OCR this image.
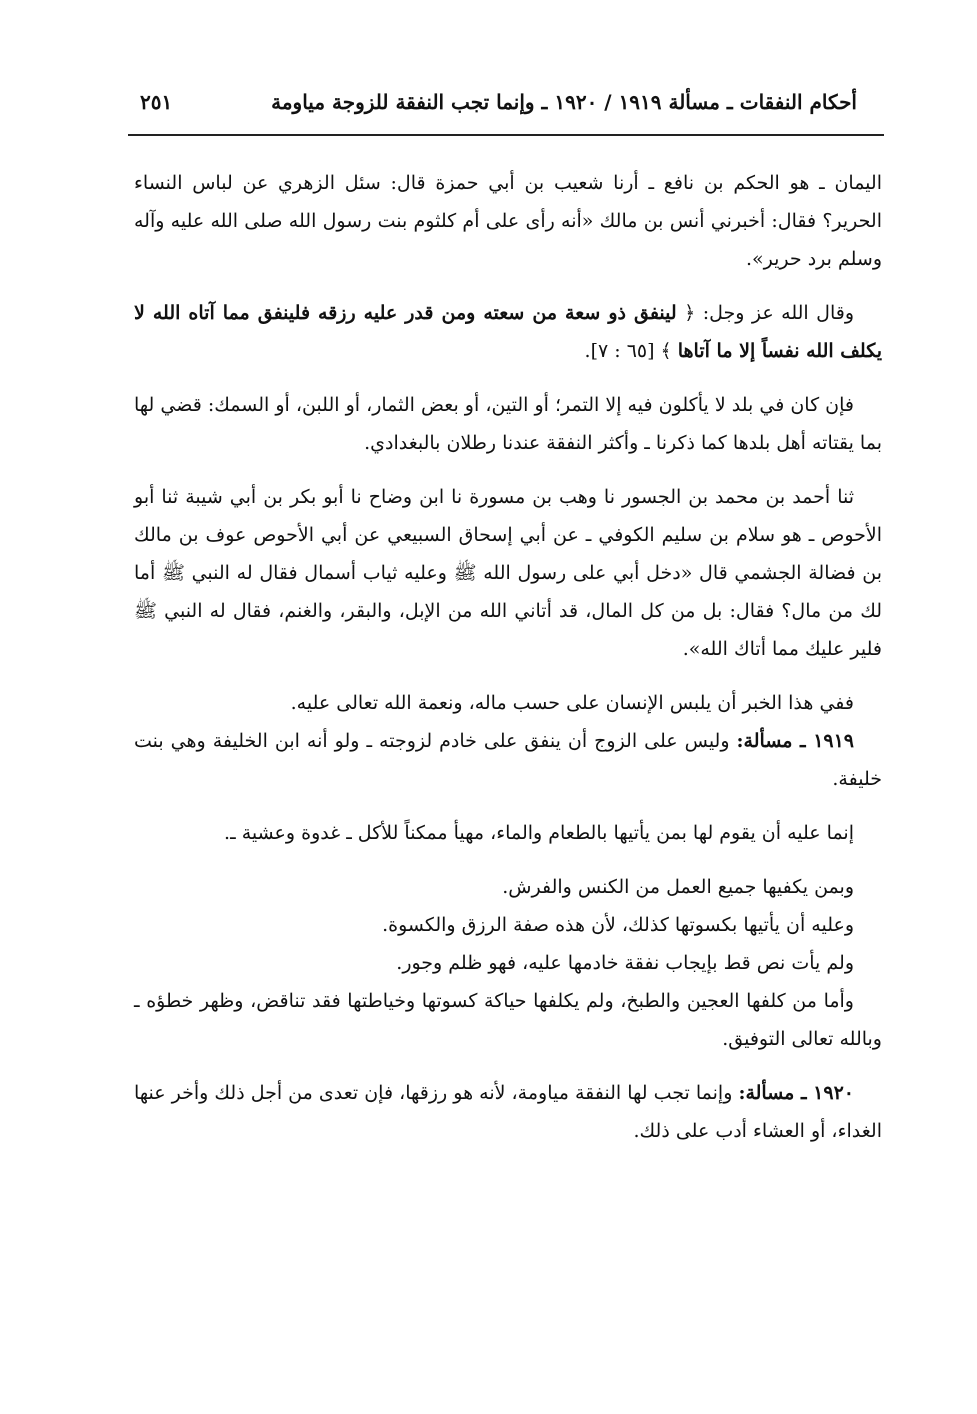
أحكام النفقات ـ مسألة ١٩١٩ / ١٩٢٠ ـ وإنما تجب النفقة للزوجة مياومة
٢٥١

اليمان ـ هو الحكم بن نافع ـ أرنا شعيب بن أبي حمزة قال: سئل الزهري عن لباس النساء الحرير؟ فقال: أخبرني أنس بن مالك «أنه رأى على أم كلثوم بنت رسول الله صلى الله عليه وآله وسلم برد حرير».

وقال الله عز وجل: ﴿ لينفق ذو سعة من سعته ومن قدر عليه رزقه فلينفق مما آتاه الله لا يكلف الله نفساً إلا ما آتاها ﴾ [٦٥ : ٧].

فإن كان في بلد لا يأكلون فيه إلا التمر؛ أو التين، أو بعض الثمار، أو اللبن، أو السمك: قضي لها بما يقتاته أهل بلدها كما ذكرنا ـ وأكثر النفقة عندنا رطلان بالبغدادي.

ثنا أحمد بن محمد بن الجسور نا وهب بن مسورة نا ابن وضاح نا أبو بكر بن أبي شيبة ثنا أبو الأحوص ـ هو سلام بن سليم الكوفي ـ عن أبي إسحاق السبيعي عن أبي الأحوص عوف بن مالك بن فضالة الجشمي قال «دخل أبي على رسول الله ﷺ وعليه ثياب أسمال فقال له النبي ﷺ أما لك من مال؟ فقال: بل من كل المال، قد أتاني الله من الإبل، والبقر، والغنم، فقال له النبي ﷺ فلير عليك مما أتاك الله».

ففي هذا الخبر أن يلبس الإنسان على حسب ماله، ونعمة الله تعالى عليه.

١٩١٩ ـ مسألة: وليس على الزوج أن ينفق على خادم لزوجته ـ ولو أنه ابن الخليفة وهي بنت خليفة.

إنما عليه أن يقوم لها بمن يأتيها بالطعام والماء، مهيأ ممكناً للأكل ـ غدوة وعشية ـ.

وبمن يكفيها جميع العمل من الكنس والفرش.

وعليه أن يأتيها بكسوتها كذلك، لأن هذه صفة الرزق والكسوة.

ولم يأت نص قط بإيجاب نفقة خادمها عليه، فهو ظلم وجور.

وأما من كلفها العجين والطبخ، ولم يكلفها حياكة كسوتها وخياطتها فقد تناقض، وظهر خطؤه ـ وبالله تعالى التوفيق.

١٩٢٠ ـ مسألة: وإنما تجب لها النفقة مياومة، لأنه هو رزقها، فإن تعدى من أجل ذلك وأخر عنها الغداء، أو العشاء أدب على ذلك.
